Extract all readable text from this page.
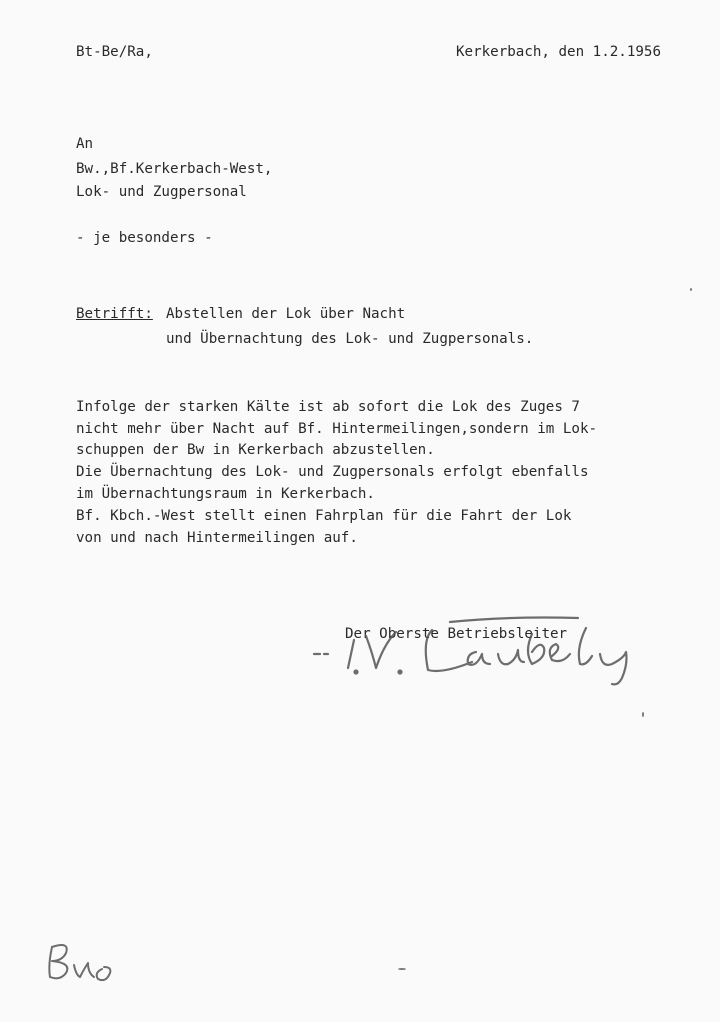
Bt-Be/Ra,	Kerkerbach, den 1.2.1956
An
Bw.,Bf.Kerkerbach-West,
Lok- und Zugpersonal
- je besonders -
Betrifft: Abstellen der Lok über Nacht
und Übernachtung des Lok- und Zugpersonals.
Infolge der starken Kälte ist ab sofort die Lok des Zuges 7
nicht mehr über Nacht auf Bf. Hintermeilingen,sondern im Lok-
schuppen der Bw in Kerkerbach abzustellen.
Die Übernachtung des Lok- und Zugpersonals erfolgt ebenfalls
im Übernachtungsraum in Kerkerbach.
Bf. Kbch.-West stellt einen Fahrplan für die Fahrt der Lok
von und nach Hintermeilingen auf.
Der Oberste Betriebsleiter
